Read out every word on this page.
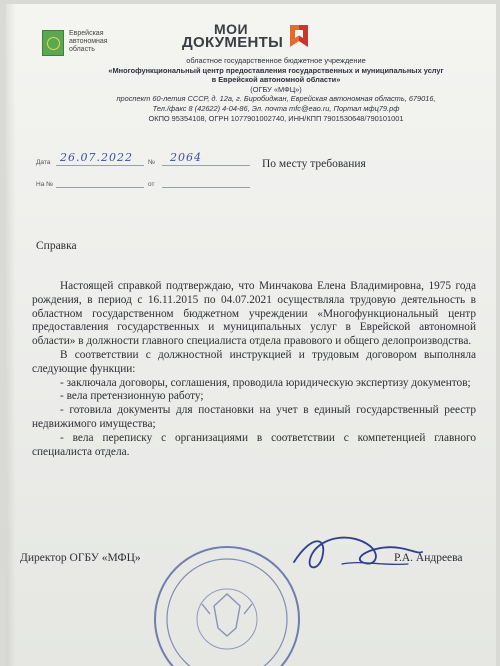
Еврейская автономная область
МОИ
ДОКУМЕНТЫ
областное государственное бюджетное учреждение
«Многофункциональный центр предоставления государственных и муниципальных услуг
в Еврейской автономной области»
(ОГБУ «МФЦ»)
проспект 60-летия СССР, д. 12а, г. Биробиджан, Еврейская автономная область, 679016,
Тел./факс 8 (42622) 4-04-86, Эл. почта mfc@eao.ru, Портал мфц79.рф
ОКПО 95354108, ОГРН 1077901002740, ИНН/КПП 7901530648/790101001
Дата 26.07.2022 № 2064
На №	от
По месту требования
Справка

Настоящей справкой подтверждаю, что Минчакова Елена Владимировна, 1975 года рождения, в период с 16.11.2015 по 04.07.2021 осуществляла трудовую деятельность в областном государственном бюджетном учреждении «Многофункциональный центр предоставления государственных и муниципальных услуг в Еврейской автономной области» в должности главного специалиста отдела правового и общего делопроизводства.

В соответствии с должностной инструкцией и трудовым договором выполняла следующие функции:

- заключала договоры, соглашения, проводила юридическую экспертизу документов;

- вела претензионную работу;

- готовила документы для постановки на учет в единый государственный реестр недвижимого имущества;

- вела переписку с организациями в соответствии с компетенцией главного специалиста отдела.

Директор ОГБУ «МФЦ»	Р.А. Андреева
